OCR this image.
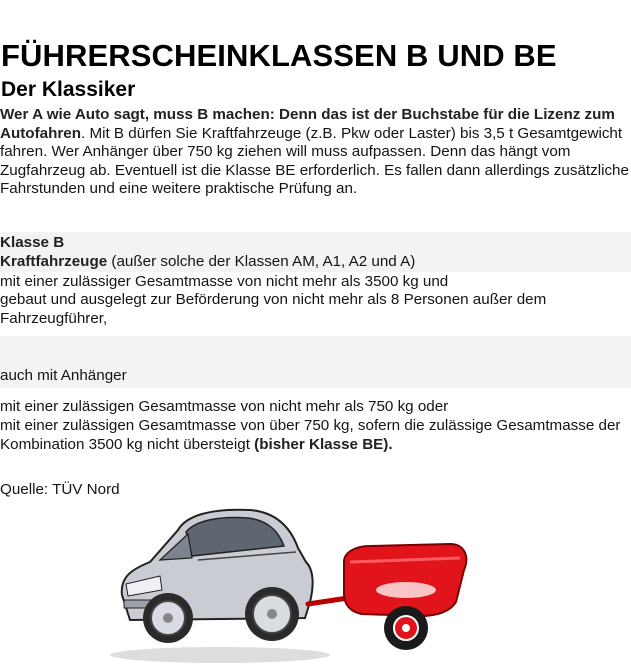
FÜHRERSCHEINKLASSEN B UND BE
Der Klassiker
Wer A wie Auto sagt, muss B machen: Denn das ist der Buchstabe für die Lizenz zum Autofahren. Mit B dürfen Sie Kraftfahrzeuge (z.B. Pkw oder Laster) bis 3,5 t Gesamtgewicht fahren. Wer Anhänger über 750 kg ziehen will muss aufpassen. Denn das hängt vom Zugfahrzeug ab. Eventuell ist die Klasse BE erforderlich. Es fallen dann allerdings zusätzliche Fahrstunden und eine weitere praktische Prüfung an.
Klasse B
Kraftfahrzeuge (außer solche der Klassen AM, A1, A2 und A)
mit einer zulässiger Gesamtmasse von nicht mehr als 3500 kg und
gebaut und ausgelegt zur Beförderung von nicht mehr als 8 Personen außer dem Fahrzeugführer,
auch mit Anhänger
mit einer zulässigen Gesamtmasse von nicht mehr als 750 kg oder
mit einer zulässigen Gesamtmasse von über 750 kg, sofern die zulässige Gesamtmasse der Kombination 3500 kg nicht übersteigt (bisher Klasse BE).
Quelle: TÜV Nord
